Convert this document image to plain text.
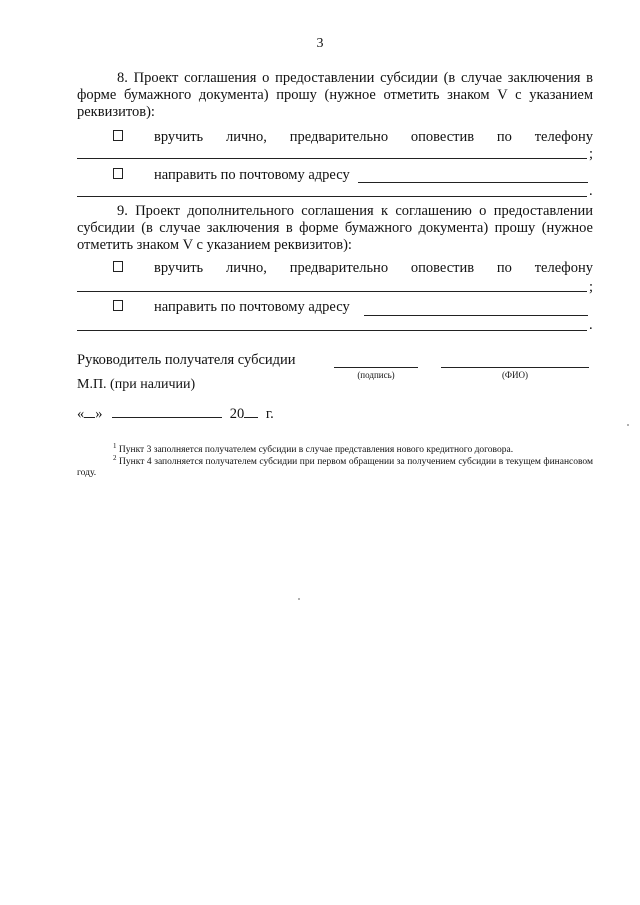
3

8. Проект соглашения о предоставлении субсидии (в случае заключения в форме бумажного документа) прошу (нужное отметить знаком V с указанием реквизитов):

вручить лично, предварительно оповестив по телефону
;
направить по почтовому адресу
.

9. Проект дополнительного соглашения к соглашению о предоставлении субсидии (в случае заключения в форме бумажного документа) прошу (нужное отметить знаком V с указанием реквизитов):

вручить лично, предварительно оповестив по телефону
;
направить по почтовому адресу
.
Руководитель получателя субсидии
(подпись)	(ФИО)
М.П. (при наличии)
« »	20 г.

$^1$ Пункт 3 заполняется получателем субсидии в случае представления нового кредитного договора.

$^2$ Пункт 4 заполняется получателем субсидии при первом обращении за получением субсидии в текущем финансовом году.
